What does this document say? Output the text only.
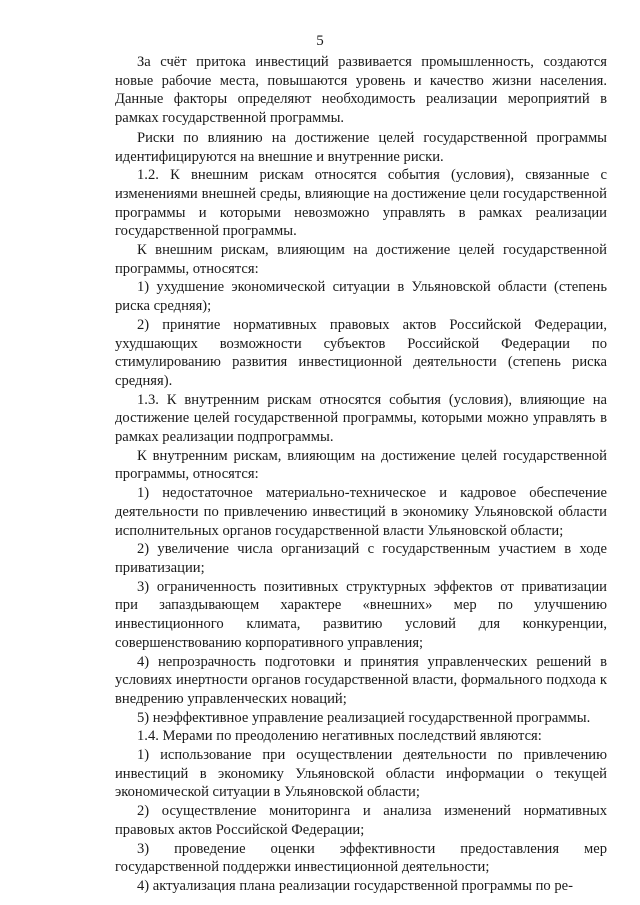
5

За счёт притока инвестиций развивается промышленность, создаются новые рабочие места, повышаются уровень и качество жизни населения. Данные факторы определяют необходимость реализации мероприятий в рамках государственной программы.

Риски по влиянию на достижение целей государственной программы идентифицируются на внешние и внутренние риски.

1.2. К внешним рискам относятся события (условия), связанные с изменениями внешней среды, влияющие на достижение цели государственной программы и которыми невозможно управлять в рамках реализации государственной программы.

К внешним рискам, влияющим на достижение целей государственной программы, относятся:

1) ухудшение экономической ситуации в Ульяновской области (степень риска средняя);

2) принятие нормативных правовых актов Российской Федерации, ухудшающих возможности субъектов Российской Федерации по стимулированию развития инвестиционной деятельности (степень риска средняя).

1.3. К внутренним рискам относятся события (условия), влияющие на достижение целей государственной программы, которыми можно управлять в рамках реализации подпрограммы.

К внутренним рискам, влияющим на достижение целей государственной программы, относятся:

1) недостаточное материально-техническое и кадровое обеспечение деятельности по привлечению инвестиций в экономику Ульяновской области исполнительных органов государственной власти Ульяновской области;

2) увеличение числа организаций с государственным участием в ходе приватизации;

3) ограниченность позитивных структурных эффектов от приватизации при запаздывающем характере «внешних» мер по улучшению инвестиционного климата, развитию условий для конкуренции, совершенствованию корпоративного управления;

4) непрозрачность подготовки и принятия управленческих решений в условиях инертности органов государственной власти, формального подхода к внедрению управленческих новаций;

5) неэффективное управление реализацией государственной программы.

1.4. Мерами по преодолению негативных последствий являются:

1) использование при осуществлении деятельности по привлечению инвестиций в экономику Ульяновской области информации о текущей экономической ситуации в Ульяновской области;

2) осуществление мониторинга и анализа изменений нормативных правовых актов Российской Федерации;

3) проведение оценки эффективности предоставления мер государственной поддержки инвестиционной деятельности;

4) актуализация плана реализации государственной программы по ре-
